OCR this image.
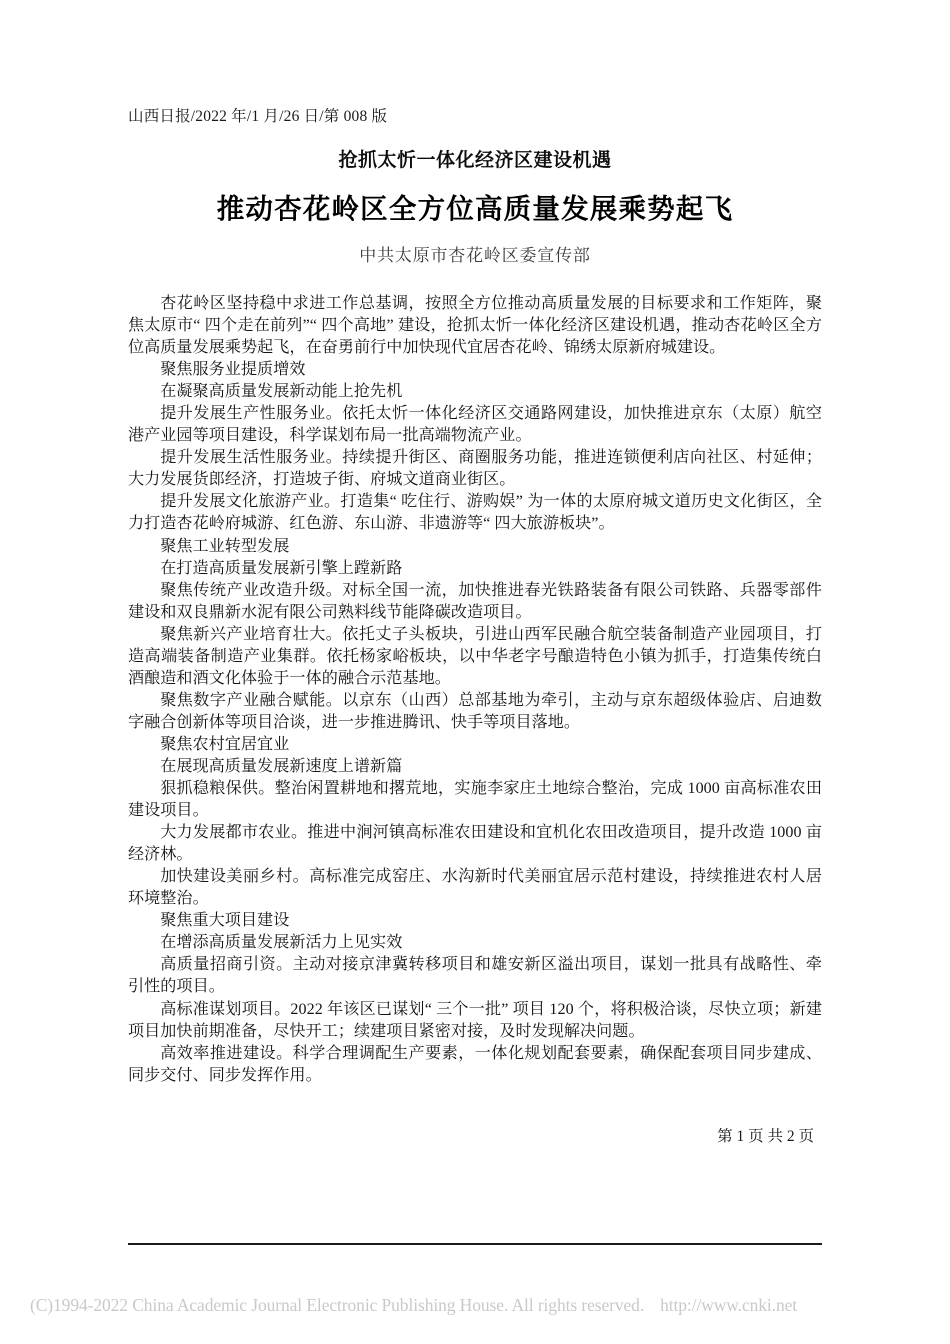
山西日报/2022 年/1 月/26 日/第 008 版
抢抓太忻一体化经济区建设机遇
推动杏花岭区全方位高质量发展乘势起飞
中共太原市杏花岭区委宣传部

杏花岭区坚持稳中求进工作总基调，按照全方位推动高质量发展的目标要求和工作矩阵，聚焦太原市“ 四个走在前列”“ 四个高地” 建设，抢抓太忻一体化经济区建设机遇，推动杏花岭区全方位高质量发展乘势起飞，在奋勇前行中加快现代宜居杏花岭、锦绣太原新府城建设。

聚焦服务业提质增效

在凝聚高质量发展新动能上抢先机

提升发展生产性服务业。依托太忻一体化经济区交通路网建设，加快推进京东（太原）航空港产业园等项目建设，科学谋划布局一批高端物流产业。

提升发展生活性服务业。持续提升街区、商圈服务功能，推进连锁便利店向社区、村延伸；大力发展货郎经济，打造坡子街、府城文道商业街区。

提升发展文化旅游产业。打造集“ 吃住行、游购娱” 为一体的太原府城文道历史文化街区，全力打造杏花岭府城游、红色游、东山游、非遗游等“ 四大旅游板块”。

聚焦工业转型发展

在打造高质量发展新引擎上蹚新路

聚焦传统产业改造升级。对标全国一流，加快推进春光铁路装备有限公司铁路、兵器零部件建设和双良鼎新水泥有限公司熟料线节能降碳改造项目。

聚焦新兴产业培育壮大。依托丈子头板块，引进山西军民融合航空装备制造产业园项目，打造高端装备制造产业集群。依托杨家峪板块，以中华老字号酿造特色小镇为抓手，打造集传统白酒酿造和酒文化体验于一体的融合示范基地。

聚焦数字产业融合赋能。以京东（山西）总部基地为牵引，主动与京东超级体验店、启迪数字融合创新体等项目洽谈，进一步推进腾讯、快手等项目落地。

聚焦农村宜居宜业

在展现高质量发展新速度上谱新篇

狠抓稳粮保供。整治闲置耕地和撂荒地，实施李家庄土地综合整治，完成 1000 亩高标准农田建设项目。

大力发展都市农业。推进中涧河镇高标准农田建设和宜机化农田改造项目，提升改造 1000 亩经济林。

加快建设美丽乡村。高标准完成窑庄、水沟新时代美丽宜居示范村建设，持续推进农村人居环境整治。

聚焦重大项目建设

在增添高质量发展新活力上见实效

高质量招商引资。主动对接京津冀转移项目和雄安新区溢出项目，谋划一批具有战略性、牵引性的项目。

高标准谋划项目。2022 年该区已谋划“ 三个一批” 项目 120 个，将积极洽谈，尽快立项；新建项目加快前期准备，尽快开工；续建项目紧密对接，及时发现解决问题。

高效率推进建设。科学合理调配生产要素，一体化规划配套要素，确保配套项目同步建成、同步交付、同步发挥作用。

第 1 页 共 2 页
(C)1994-2022 China Academic Journal Electronic Publishing House. All rights reserved. http://www.cnki.net
